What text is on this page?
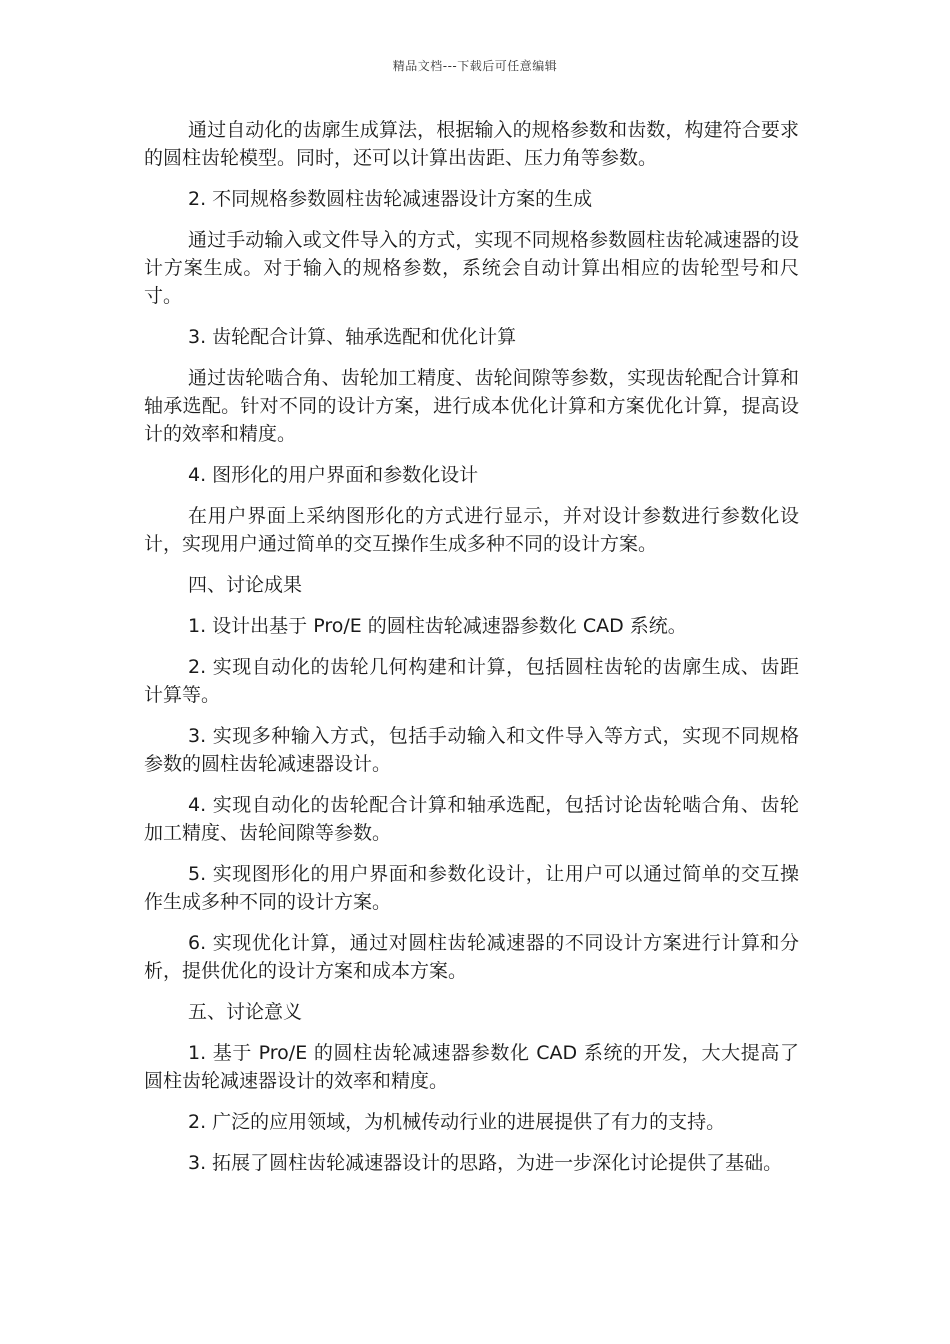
精品文档---下载后可任意编辑

通过自动化的齿廓生成算法，根据输入的规格参数和齿数，构建符合要求的圆柱齿轮模型。同时，还可以计算出齿距、压力角等参数。

2. 不同规格参数圆柱齿轮减速器设计方案的生成

通过手动输入或文件导入的方式，实现不同规格参数圆柱齿轮减速器的设计方案生成。对于输入的规格参数，系统会自动计算出相应的齿轮型号和尺寸。

3. 齿轮配合计算、轴承选配和优化计算

通过齿轮啮合角、齿轮加工精度、齿轮间隙等参数，实现齿轮配合计算和轴承选配。针对不同的设计方案，进行成本优化计算和方案优化计算，提高设计的效率和精度。

4. 图形化的用户界面和参数化设计

在用户界面上采纳图形化的方式进行显示，并对设计参数进行参数化设计，实现用户通过简单的交互操作生成多种不同的设计方案。

四、讨论成果

1. 设计出基于 Pro/E 的圆柱齿轮减速器参数化 CAD 系统。

2. 实现自动化的齿轮几何构建和计算，包括圆柱齿轮的齿廓生成、齿距计算等。

3. 实现多种输入方式，包括手动输入和文件导入等方式，实现不同规格参数的圆柱齿轮减速器设计。

4. 实现自动化的齿轮配合计算和轴承选配，包括讨论齿轮啮合角、齿轮加工精度、齿轮间隙等参数。

5. 实现图形化的用户界面和参数化设计，让用户可以通过简单的交互操作生成多种不同的设计方案。

6. 实现优化计算，通过对圆柱齿轮减速器的不同设计方案进行计算和分析，提供优化的设计方案和成本方案。

五、讨论意义

1. 基于 Pro/E 的圆柱齿轮减速器参数化 CAD 系统的开发，大大提高了圆柱齿轮减速器设计的效率和精度。

2. 广泛的应用领域，为机械传动行业的进展提供了有力的支持。

3. 拓展了圆柱齿轮减速器设计的思路，为进一步深化讨论提供了基础。
